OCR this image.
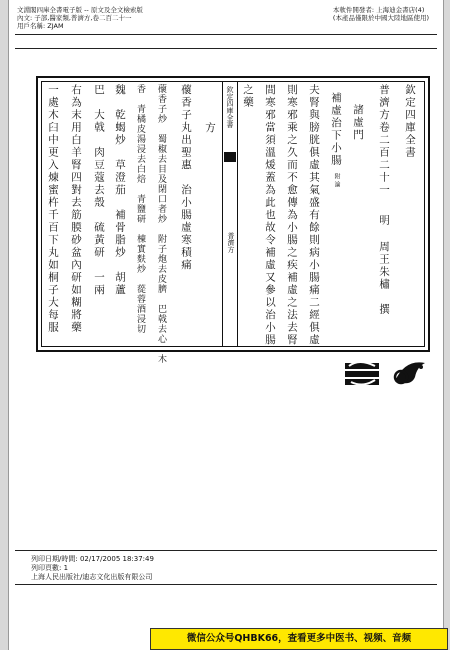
文淵閣四庫全書電子版 -- 原文及全文檢索版
內文: 子部,醫家類,普濟方,卷二百二十一
用戶名稱: ZJAM
本軟件開發者: 上海迪金書店(4)
(本產品僅限於中國大陸地區使用)
欽定四庫全書
普濟方卷二百二十一明周王朱橚　撰
諸虛門
補虛治下小腸附論
夫腎與膀胱俱虛其氣盛有餘則病小腸痛二經俱虛
則寒邪乘之久而不愈傳為小腸之疾補虛之法去腎
間寒邪當須溫煖蓋為此也故令補虛又參以治小腸
之藥
欽定四庫全書
普濟方
方
蘹香子丸出聖惠　治小腸虛寒積痛
蘹香子炒　蜀椒去目及閉口者炒　附子炮去皮臍　巴戟去心　木
香　青橘皮湯浸去白焙　青鹽研　棟實麩炒　蓯蓉酒浸切
魏　乾蝎炒　草澄茄　補骨脂炒　胡蘆
巴　大戟　肉豆蔻去殼　硫黃研　一兩
右為末用白羊腎四對去筋膜砂盆內研如糊將藥
一處木臼中更入煉蜜杵千百下丸如桐子大每服
列印日期/時間: 02/17/2005 18:37:49
列印頁數: 1
上海人民出版社/迪志文化出版有限公司
微信公众号QHBK66，查看更多中医书、视频、音频
